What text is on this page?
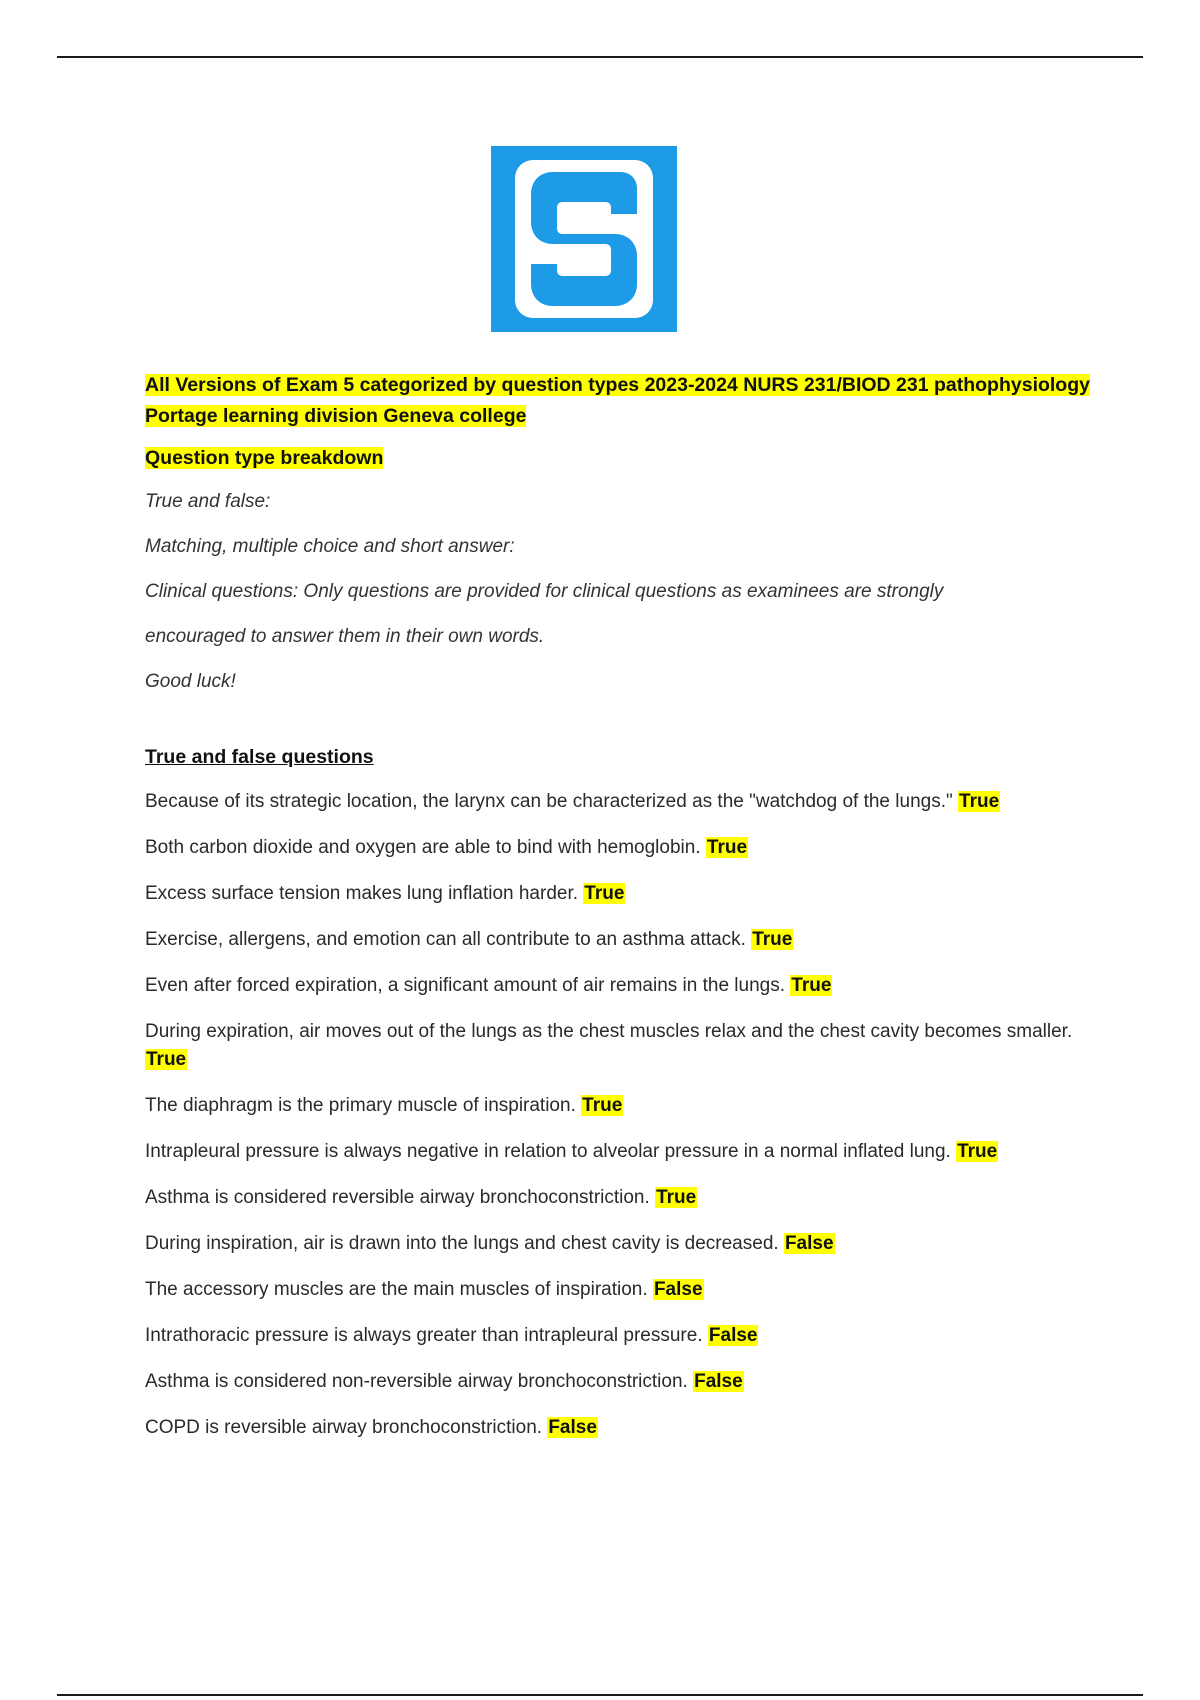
All Versions of Exam 5 categorized by question types 2023-2024 NURS 231/BIOD 231 pathophysiology
Portage learning division Geneva college

Question type breakdown

True and false:

Matching, multiple choice and short answer:

Clinical questions: Only questions are provided for clinical questions as examinees are strongly

encouraged to answer them in their own words.

Good luck!

True and false questions

Because of its strategic location, the larynx can be characterized as the "watchdog of the lungs." True
Both carbon dioxide and oxygen are able to bind with hemoglobin. True
Excess surface tension makes lung inflation harder. True
Exercise, allergens, and emotion can all contribute to an asthma attack. True
Even after forced expiration, a significant amount of air remains in the lungs. True
During expiration, air moves out of the lungs as the chest muscles relax and the chest cavity becomes smaller. True
The diaphragm is the primary muscle of inspiration. True
Intrapleural pressure is always negative in relation to alveolar pressure in a normal inflated lung. True
Asthma is considered reversible airway bronchoconstriction. True
During inspiration, air is drawn into the lungs and chest cavity is decreased. False
The accessory muscles are the main muscles of inspiration. False
Intrathoracic pressure is always greater than intrapleural pressure. False
Asthma is considered non-reversible airway bronchoconstriction. False
COPD is reversible airway bronchoconstriction. False
